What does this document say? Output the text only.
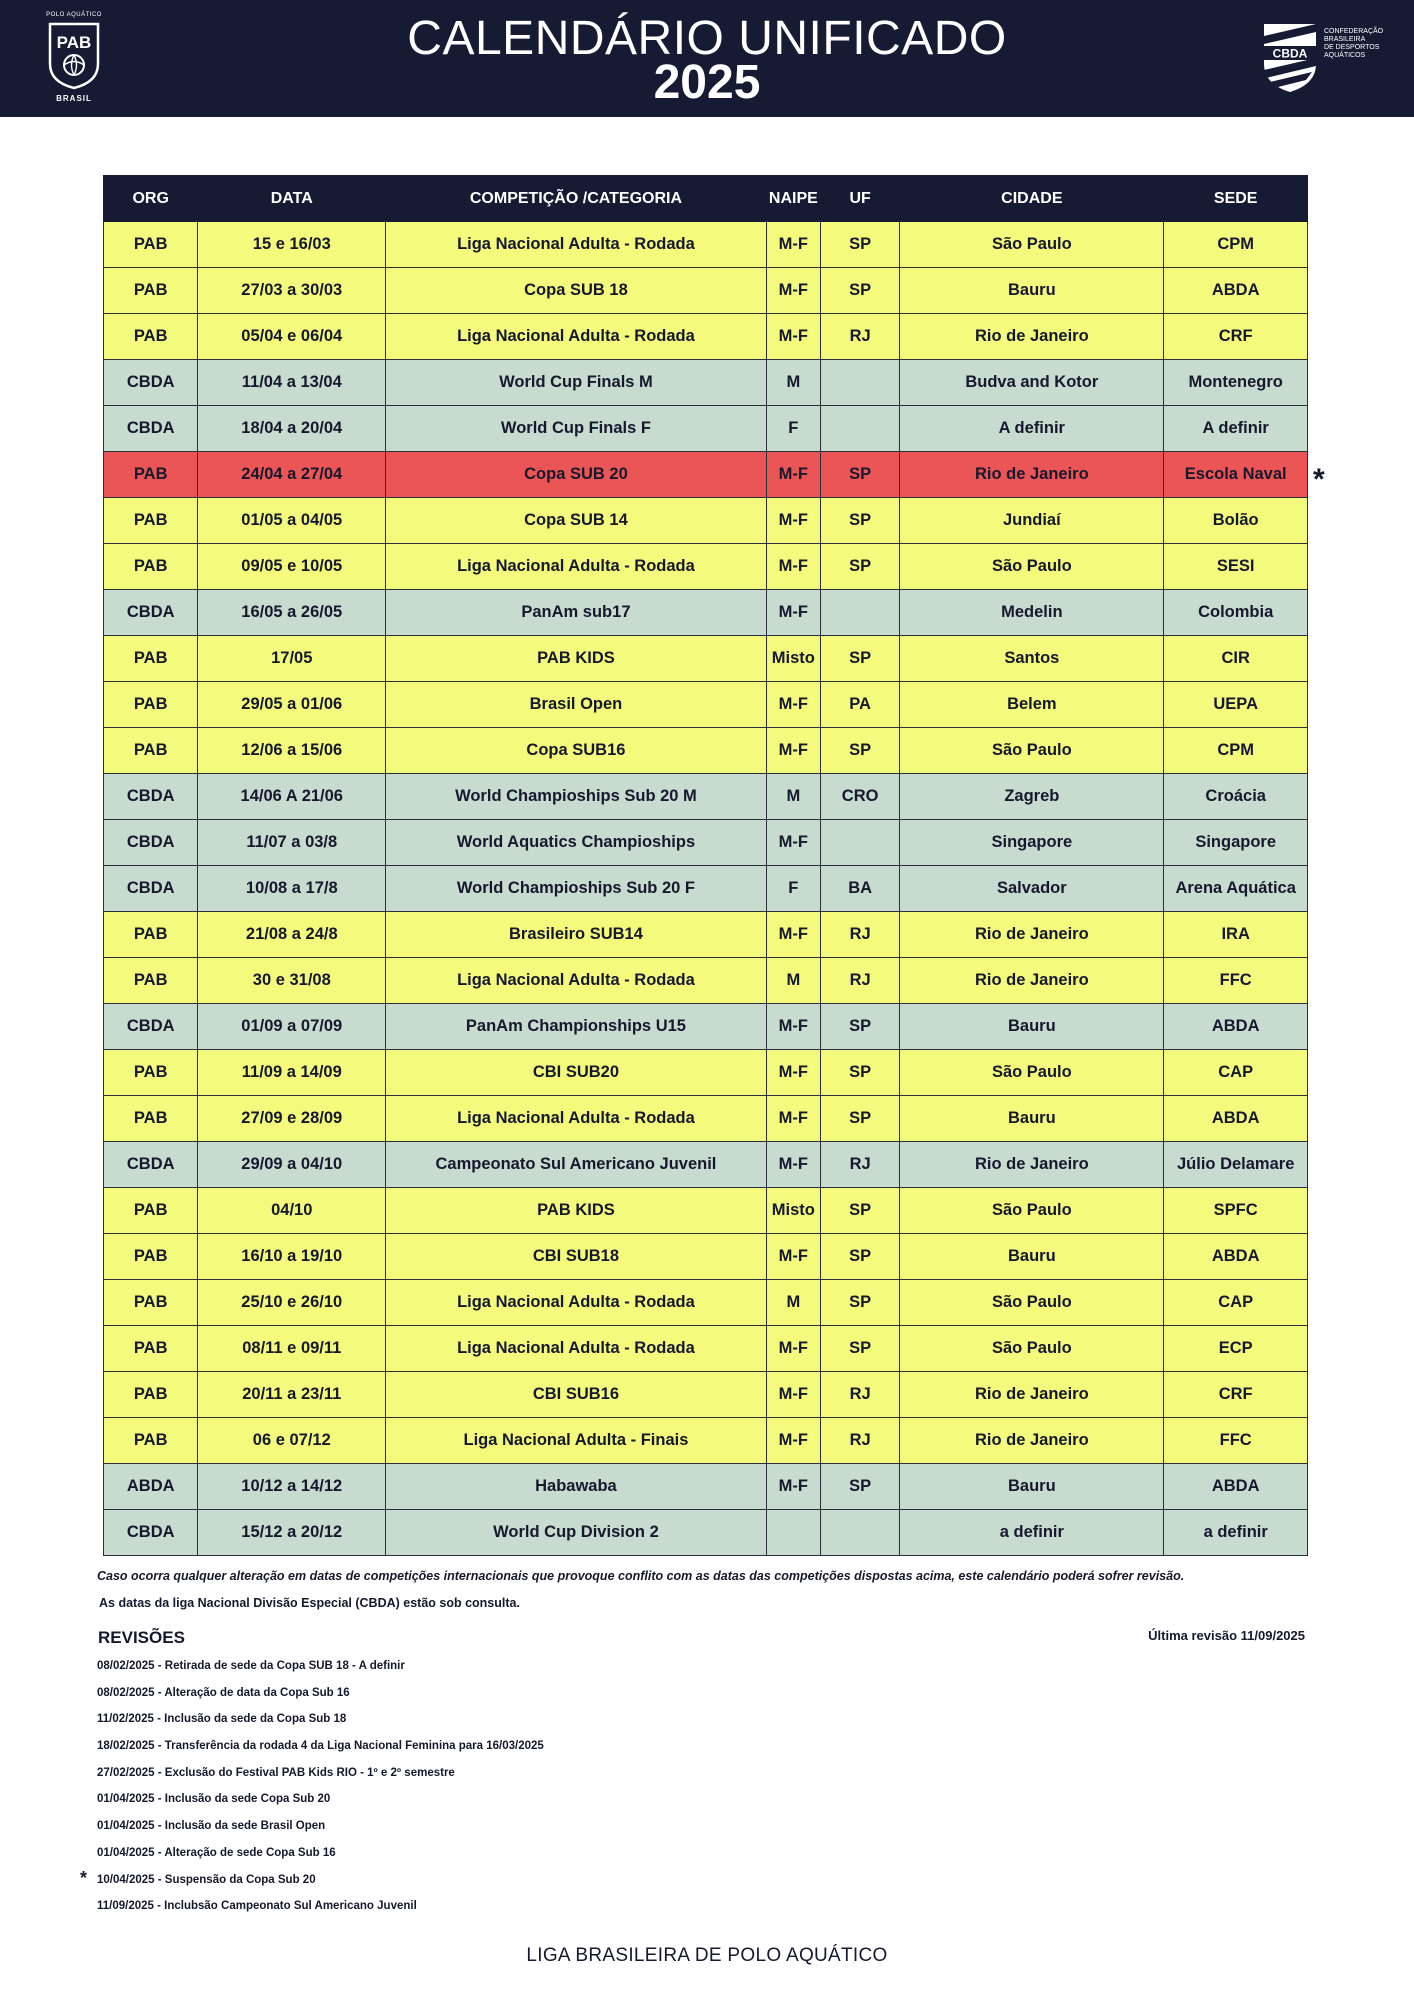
POLO AQUÁTICO
PAB
BRASIL
CALENDÁRIO UNIFICADO
2025
CBDA
CONFEDERAÇÃO
BRASILEIRA
DE DESPORTOS
AQUÁTICOS
ORG	DATA	COMPETIÇÃO /CATEGORIA	NAIPE	UF	CIDADE	SEDE
PAB	15 e 16/03	Liga Nacional Adulta - Rodada	M-F	SP	São Paulo	CPM
PAB	27/03 a 30/03	Copa SUB 18	M-F	SP	Bauru	ABDA
PAB	05/04 e 06/04	Liga Nacional Adulta - Rodada	M-F	RJ	Rio de Janeiro	CRF
CBDA	11/04 a 13/04	World Cup Finals M	M		Budva and Kotor	Montenegro
CBDA	18/04 a 20/04	World Cup Finals F	F		A definir	A definir
PAB	24/04 a 27/04	Copa SUB 20	M-F	SP	Rio de Janeiro	Escola Naval
PAB	01/05 a 04/05	Copa SUB 14	M-F	SP	Jundiaí	Bolão
PAB	09/05 e 10/05	Liga Nacional Adulta - Rodada	M-F	SP	São Paulo	SESI
CBDA	16/05 a 26/05	PanAm sub17	M-F		Medelin	Colombia
PAB	17/05	PAB KIDS	Misto	SP	Santos	CIR
PAB	29/05 a 01/06	Brasil Open	M-F	PA	Belem	UEPA
PAB	12/06 a 15/06	Copa SUB16	M-F	SP	São Paulo	CPM
CBDA	14/06 A 21/06	World Champioships Sub 20 M	M	CRO	Zagreb	Croácia
CBDA	11/07 a 03/8	World Aquatics Champioships	M-F		Singapore	Singapore
CBDA	10/08 a 17/8	World Champioships Sub 20 F	F	BA	Salvador	Arena Aquática
PAB	21/08 a 24/8	Brasileiro SUB14	M-F	RJ	Rio de Janeiro	IRA
PAB	30 e 31/08	Liga Nacional Adulta - Rodada	M	RJ	Rio de Janeiro	FFC
CBDA	01/09 a 07/09	PanAm Championships U15	M-F	SP	Bauru	ABDA
PAB	11/09 a 14/09	CBI SUB20	M-F	SP	São Paulo	CAP
PAB	27/09 e 28/09	Liga Nacional Adulta - Rodada	M-F	SP	Bauru	ABDA
CBDA	29/09 a 04/10	Campeonato Sul Americano Juvenil	M-F	RJ	Rio de Janeiro	Júlio Delamare
PAB	04/10	PAB KIDS	Misto	SP	São Paulo	SPFC
PAB	16/10 a 19/10	CBI SUB18	M-F	SP	Bauru	ABDA
PAB	25/10 e 26/10	Liga Nacional Adulta - Rodada	M	SP	São Paulo	CAP
PAB	08/11 e 09/11	Liga Nacional Adulta - Rodada	M-F	SP	São Paulo	ECP
PAB	20/11 a 23/11	CBI SUB16	M-F	RJ	Rio de Janeiro	CRF
PAB	06 e 07/12	Liga Nacional Adulta - Finais	M-F	RJ	Rio de Janeiro	FFC
ABDA	10/12 a 14/12	Habawaba	M-F	SP	Bauru	ABDA
CBDA	15/12 a 20/12	World Cup Division 2			a definir	a definir
*
Caso ocorra qualquer alteração em datas de competições internacionais que provoque conflito com as datas das competições dispostas acima, este calendário poderá sofrer revisão.
As datas da liga Nacional Divisão Especial (CBDA) estão sob consulta.
REVISÕES	Última revisão 11/09/2025
08/02/2025 - Retirada de sede da Copa SUB 18 - A definir
08/02/2025 - Alteração de data da Copa Sub 16
11/02/2025 - Inclusão da sede da Copa Sub 18
18/02/2025 - Transferência da rodada 4 da Liga Nacional Feminina para 16/03/2025
27/02/2025 - Exclusão do Festival PAB Kids RIO - 1º e 2º semestre
01/04/2025 - Inclusão da sede Copa Sub 20
01/04/2025 - Inclusão da sede Brasil Open
01/04/2025 - Alteração de sede Copa Sub 16
* 10/04/2025 - Suspensão da Copa Sub 20
11/09/2025 - Inclubsão Campeonato Sul Americano Juvenil
LIGA BRASILEIRA DE POLO AQUÁTICO
